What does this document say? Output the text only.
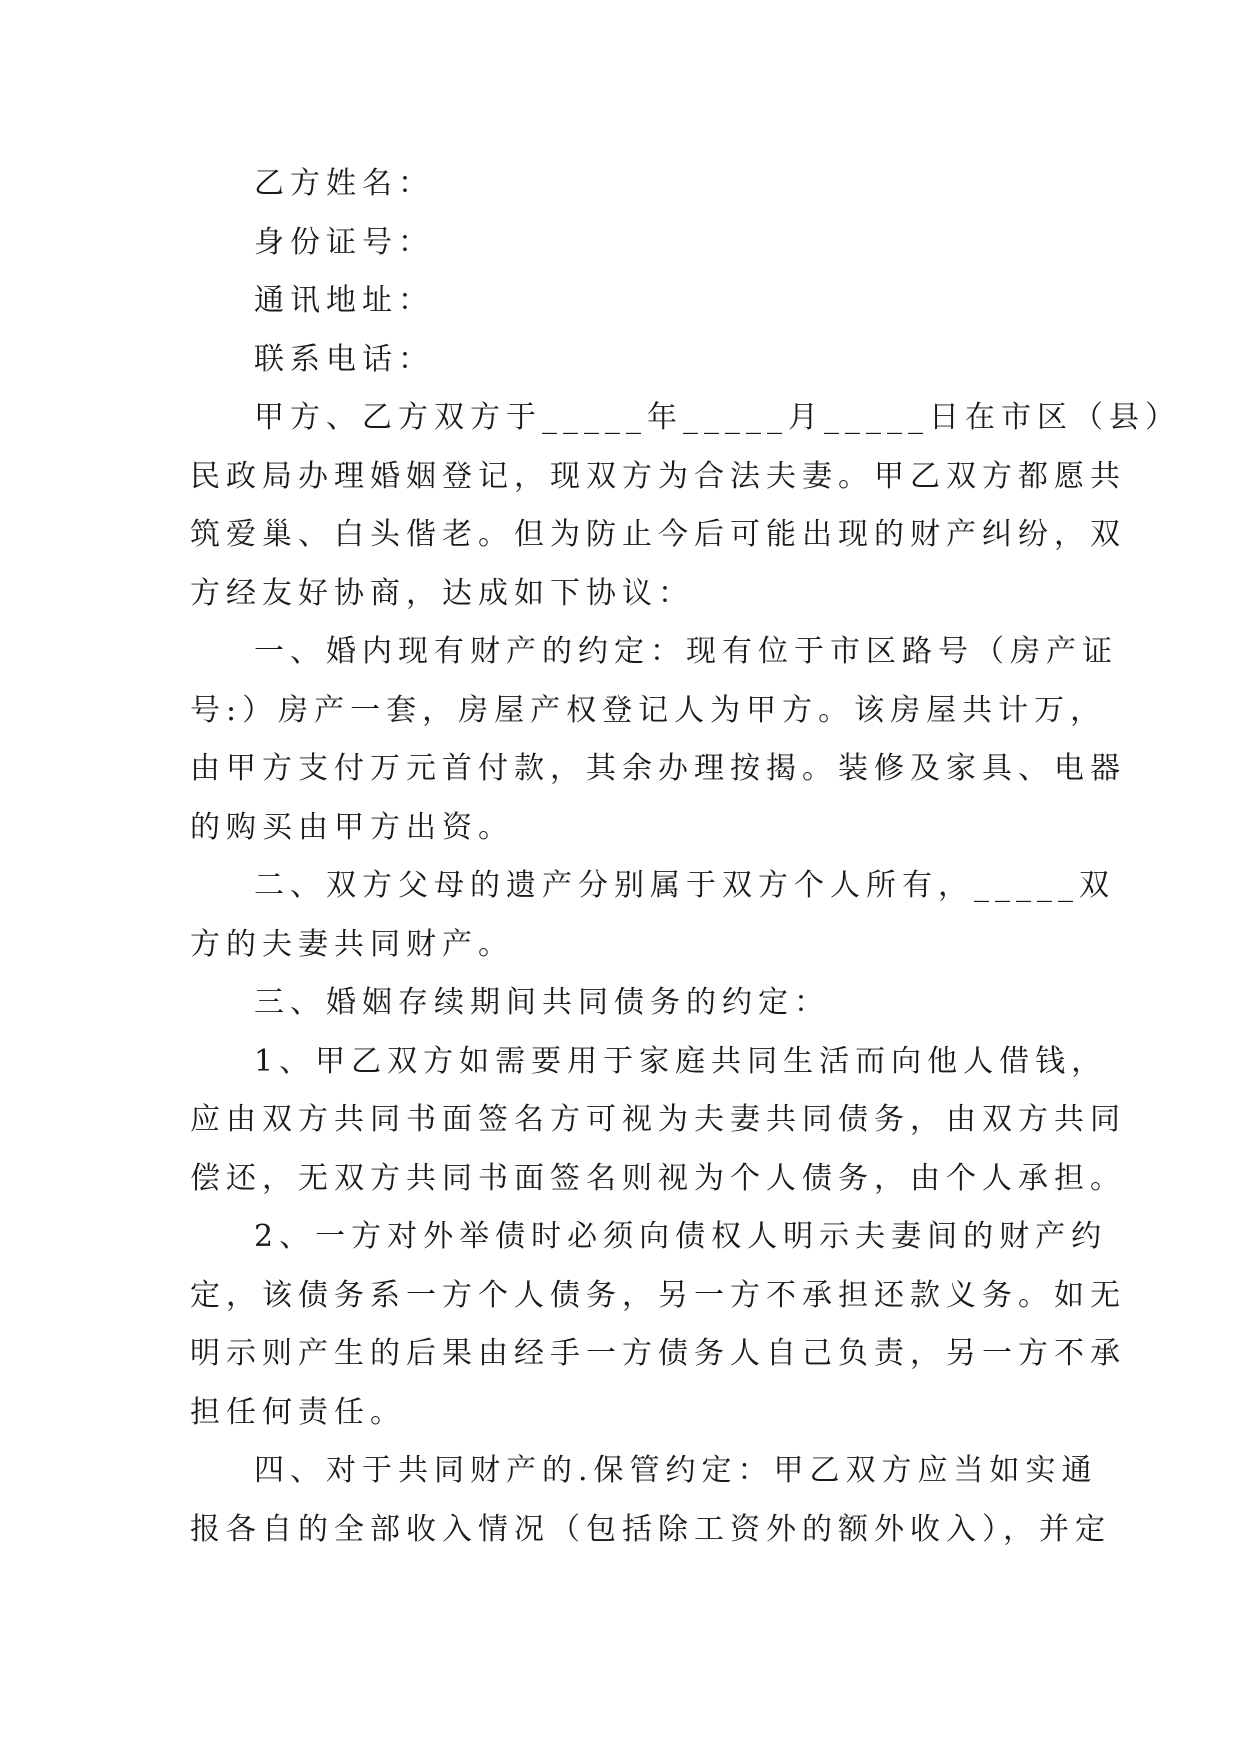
乙方姓名：
身份证号：
通讯地址：
联系电话：
甲方、乙方双方于_____年_____月_____日在市区（县）
民政局办理婚姻登记，现双方为合法夫妻。甲乙双方都愿共
筑爱巢、白头偕老。但为防止今后可能出现的财产纠纷，双
方经友好协商，达成如下协议：
一、婚内现有财产的约定：现有位于市区路号（房产证
号:）房产一套，房屋产权登记人为甲方。该房屋共计万，
由甲方支付万元首付款，其余办理按揭。装修及家具、电器
的购买由甲方出资。
二、双方父母的遗产分别属于双方个人所有，_____双
方的夫妻共同财产。
三、婚姻存续期间共同债务的约定：
1、甲乙双方如需要用于家庭共同生活而向他人借钱，
应由双方共同书面签名方可视为夫妻共同债务，由双方共同
偿还，无双方共同书面签名则视为个人债务，由个人承担。
2、一方对外举债时必须向债权人明示夫妻间的财产约
定，该债务系一方个人债务，另一方不承担还款义务。如无
明示则产生的后果由经手一方债务人自己负责，另一方不承
担任何责任。
四、对于共同财产的.保管约定：甲乙双方应当如实通
报各自的全部收入情况（包括除工资外的额外收入），并定
